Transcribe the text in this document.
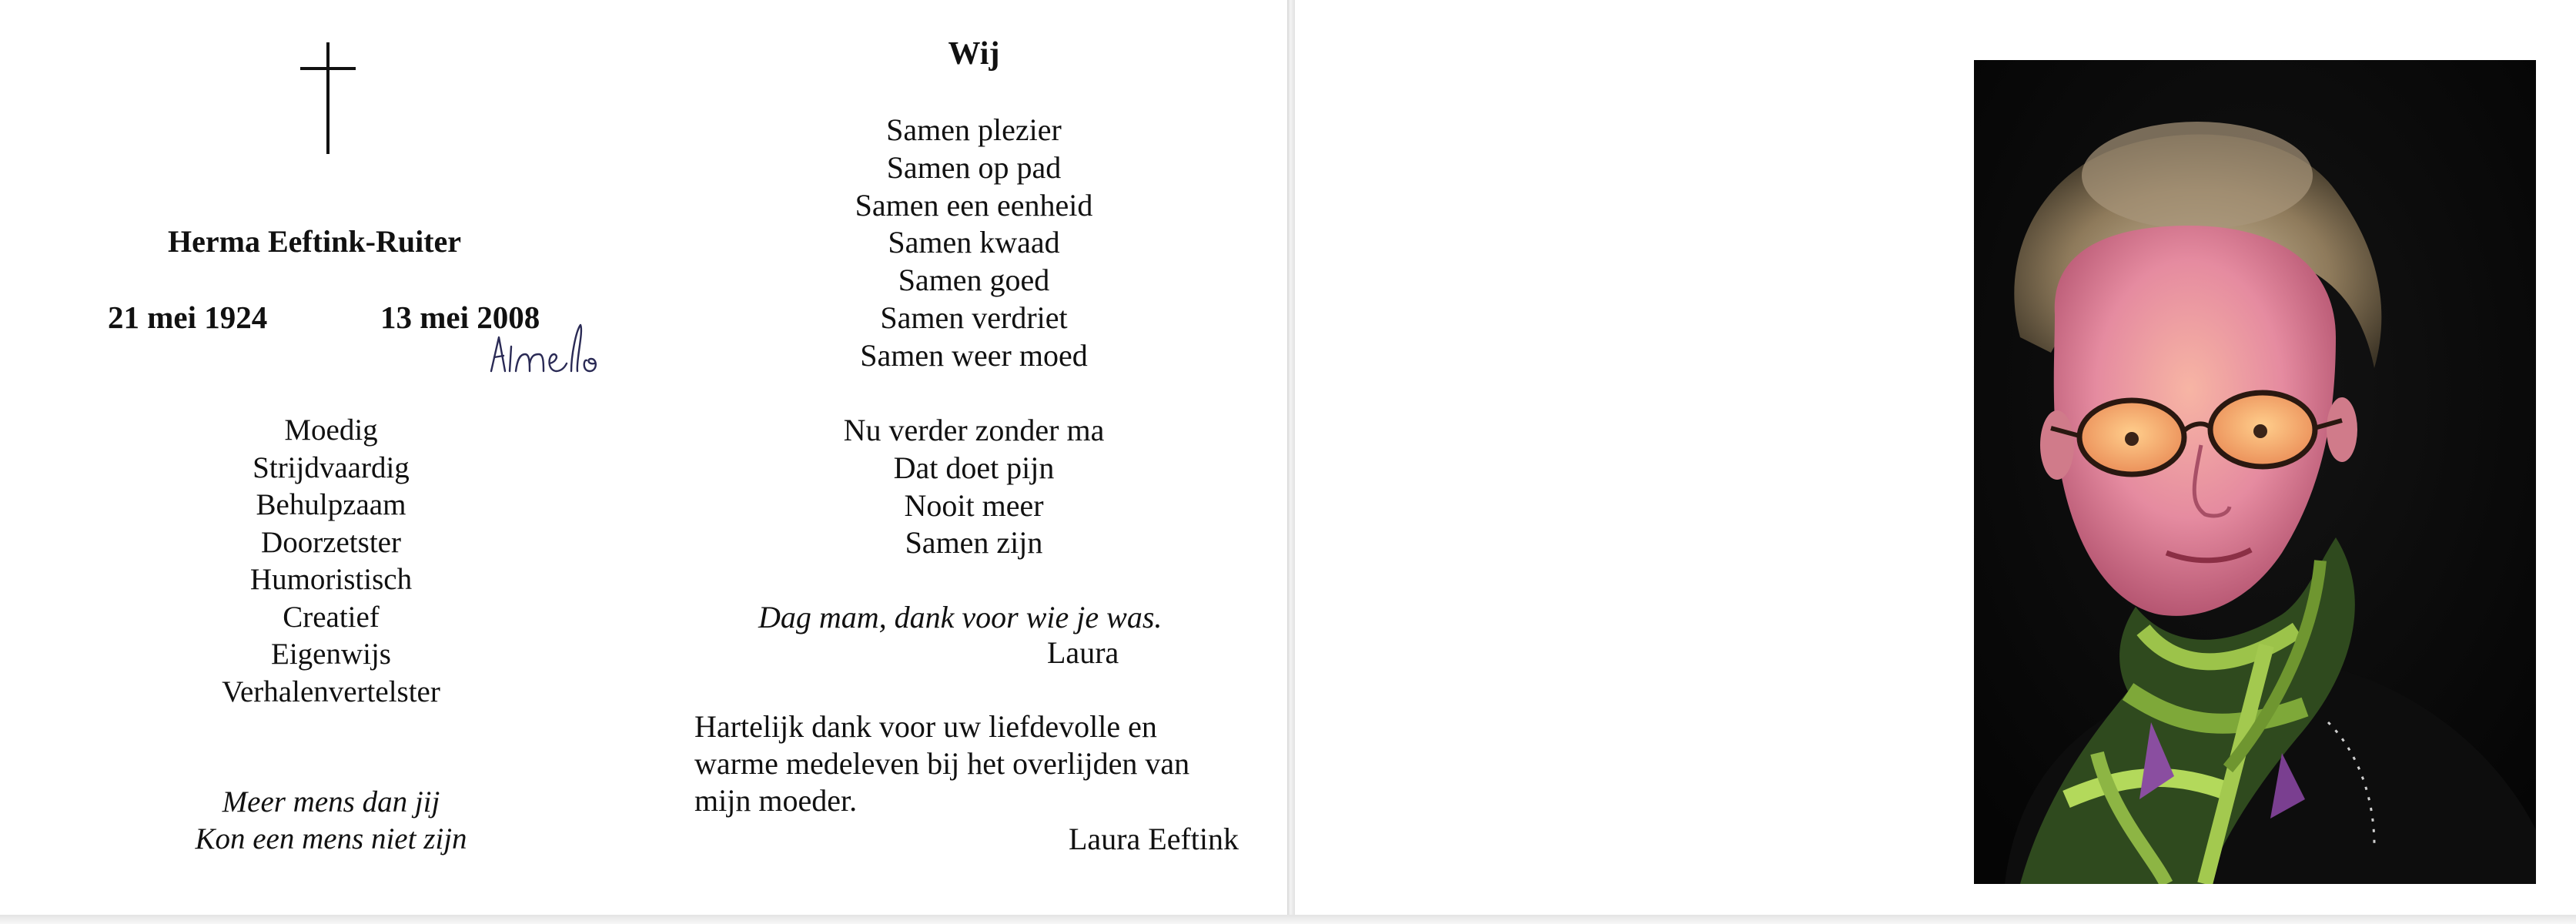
Herma Eeftink-Ruiter
21 mei 1924	13 mei 2008
Moedig
Strijdvaardig
Behulpzaam
Doorzetster
Humoristisch
Creatief
Eigenwijs
Verhalenvertelster
Meer mens dan jij
Kon een mens niet zijn
Wij
Samen plezier
Samen op pad
Samen een eenheid
Samen kwaad
Samen goed
Samen verdriet
Samen weer moed
Nu verder zonder ma
Dat doet pijn
Nooit meer
Samen zijn
Dag mam, dank voor wie je was.
Laura
Hartelijk dank voor uw liefdevolle en
warme medeleven bij het overlijden van
mijn moeder.
Laura Eeftink
